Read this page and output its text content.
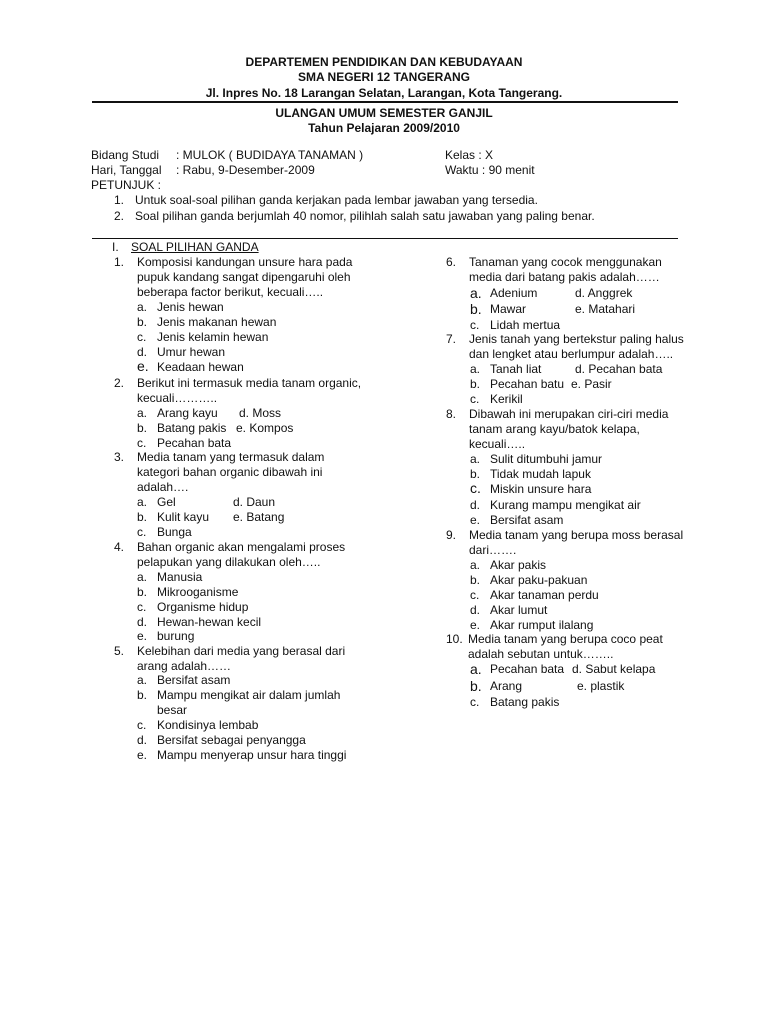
DEPARTEMEN PENDIDIKAN DAN KEBUDAYAAN
SMA NEGERI 12 TANGERANG
Jl. Inpres No. 18 Larangan Selatan, Larangan, Kota Tangerang.
ULANGAN UMUM SEMESTER GANJIL
Tahun Pelajaran 2009/2010
Bidang Studi : MULOK ( BUDIDAYA TANAMAN )	Kelas : X
Hari, Tanggal : Rabu, 9-Desember-2009	Waktu : 90 menit
PETUNJUK :
1. Untuk soal-soal pilihan ganda kerjakan pada lembar jawaban yang tersedia.
2. Soal pilihan ganda berjumlah 40 nomor, pilihlah salah satu jawaban yang paling benar.
I. SOAL PILIHAN GANDA
1. Komposisi kandungan unsure hara pada
pupuk kandang sangat dipengaruhi oleh
beberapa factor berikut, kecuali…..
a. Jenis hewan
b. Jenis makanan hewan
c. Jenis kelamin hewan
d. Umur hewan
e. Keadaan hewan
2. Berikut ini termasuk media tanam organic,
kecuali………..
a. Arang kayu d. Moss
b. Batang pakis e. Kompos
c. Pecahan bata
3. Media tanam yang termasuk dalam
kategori bahan organic dibawah ini
adalah….
a. Gel	d. Daun
b. Kulit kayu e. Batang
c. Bunga
4. Bahan organic akan mengalami proses
pelapukan yang dilakukan oleh…..
a. Manusia
b. Mikrooganisme
c. Organisme hidup
d. Hewan-hewan kecil
e. burung
5. Kelebihan dari media yang berasal dari
arang adalah……
a. Bersifat asam
b. Mampu mengikat air dalam jumlah
besar
c. Kondisinya lembab
d. Bersifat sebagai penyangga
e. Mampu menyerap unsur hara tinggi
6. Tanaman yang cocok menggunakan
media dari batang pakis adalah……
a. Adenium	d. Anggrek
b. Mawar	e. Matahari
c. Lidah mertua
7. Jenis tanah yang bertekstur paling halus
dan lengket atau berlumpur adalah…..
a. Tanah liat	d. Pecahan bata
b. Pecahan batu e. Pasir
c. Kerikil
8. Dibawah ini merupakan ciri-ciri media
tanam arang kayu/batok kelapa,
kecuali…..
a. Sulit ditumbuhi jamur
b. Tidak mudah lapuk
c. Miskin unsure hara
d. Kurang mampu mengikat air
e. Bersifat asam
9. Media tanam yang berupa moss berasal
dari…….
a. Akar pakis
b. Akar paku-pakuan
c. Akar tanaman perdu
d. Akar lumut
e. Akar rumput ilalang
10. Media tanam yang berupa coco peat
adalah sebutan untuk……..
a. Pecahan bata d. Sabut kelapa
b. Arang	e. plastik
c. Batang pakis
